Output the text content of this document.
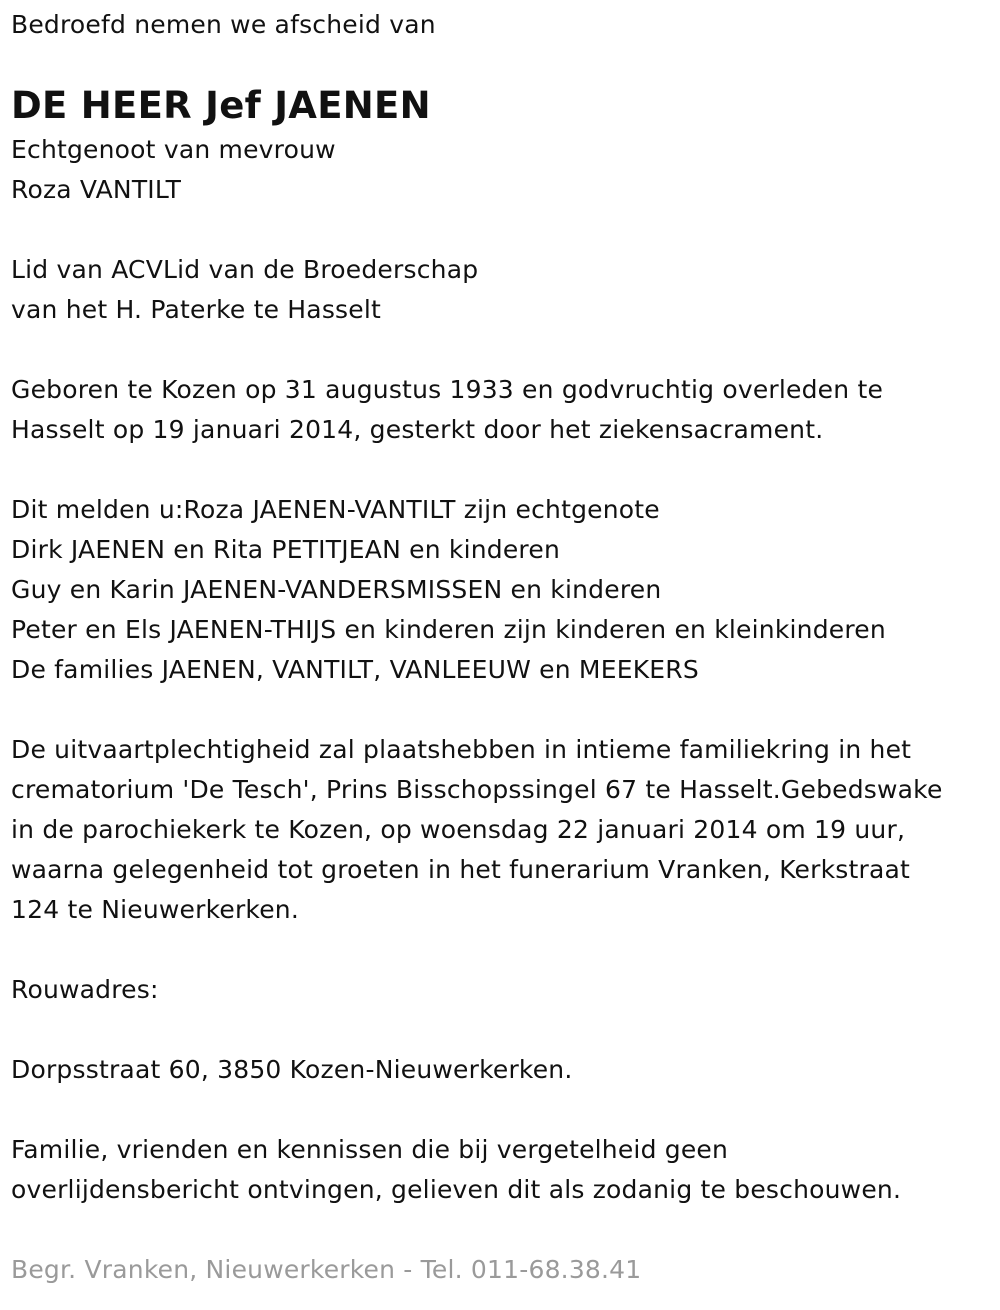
Bedroefd nemen we afscheid van
DE HEER Jef JAENEN
Echtgenoot van mevrouw
Roza VANTILT
Lid van ACVLid van de Broederschap
van het H. Paterke te Hasselt
Geboren te Kozen op 31 augustus 1933 en godvruchtig overleden te
Hasselt op 19 januari 2014, gesterkt door het ziekensacrament.
Dit melden u:Roza JAENEN-VANTILT zijn echtgenote
Dirk JAENEN en Rita PETITJEAN en kinderen
Guy en Karin JAENEN-VANDERSMISSEN en kinderen
Peter en Els JAENEN-THIJS en kinderen zijn kinderen en kleinkinderen
De families JAENEN, VANTILT, VANLEEUW en MEEKERS
De uitvaartplechtigheid zal plaatshebben in intieme familiekring in het
crematorium 'De Tesch', Prins Bisschopssingel 67 te Hasselt.Gebedswake
in de parochiekerk te Kozen, op woensdag 22 januari 2014 om 19 uur,
waarna gelegenheid tot groeten in het funerarium Vranken, Kerkstraat
124 te Nieuwerkerken.
Rouwadres:
Dorpsstraat 60, 3850 Kozen-Nieuwerkerken.
Familie, vrienden en kennissen die bij vergetelheid geen
overlijdensbericht ontvingen, gelieven dit als zodanig te beschouwen.
Begr. Vranken, Nieuwerkerken - Tel. 011-68.38.41
